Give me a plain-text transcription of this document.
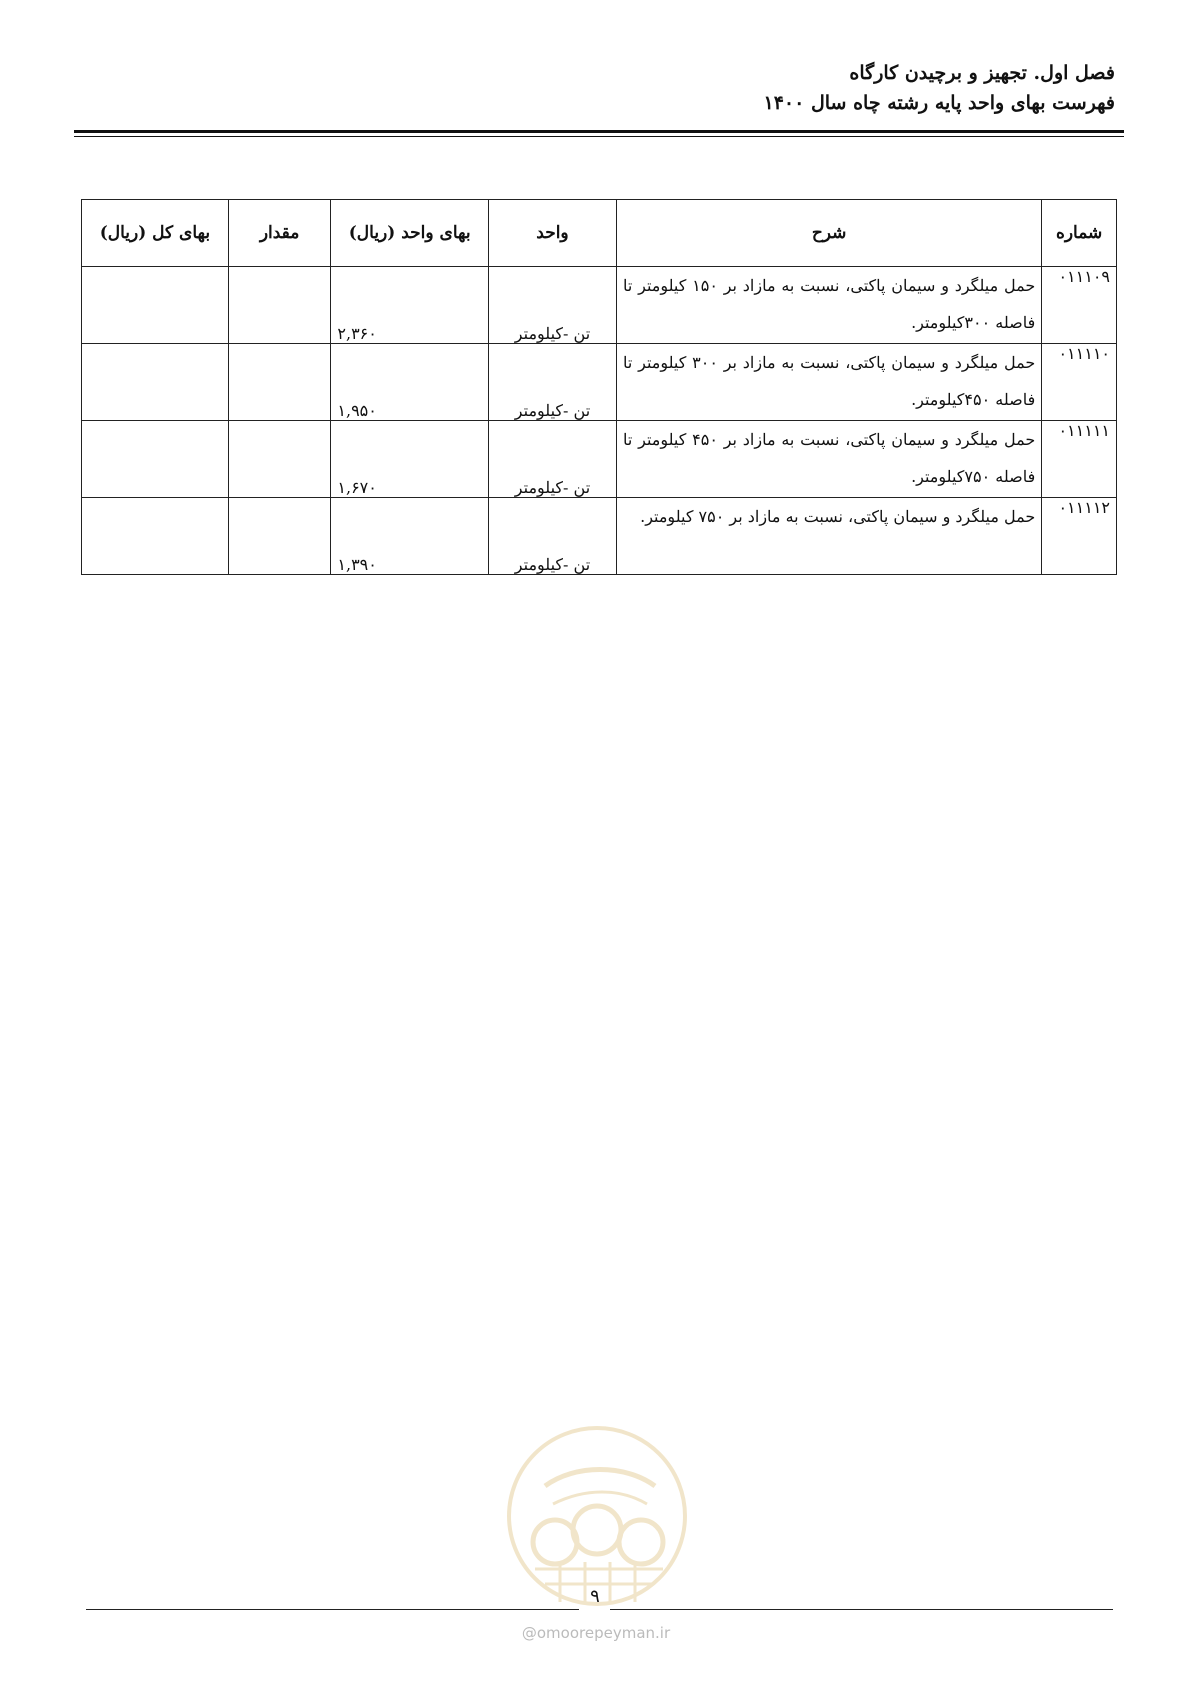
فصل اول. تجهیز و برچیدن کارگاه
فهرست بهای واحد پایه رشته چاه سال ۱۴۰۰
شماره	شرح	واحد	بهای واحد (ریال)	مقدار	بهای کل (ریال)
۰۱۱۱۰۹	حمل میلگرد و سیمان پاکتی، نسبت به مازاد بر ۱۵۰ کیلومتر تا فاصله ۳۰۰کیلومتر.	تن -کیلومتر	۲,۳۶۰		
۰۱۱۱۱۰	حمل میلگرد و سیمان پاکتی، نسبت به مازاد بر ۳۰۰ کیلومتر تا فاصله ۴۵۰کیلومتر.	تن -کیلومتر	۱,۹۵۰		
۰۱۱۱۱۱	حمل میلگرد و سیمان پاکتی، نسبت به مازاد بر ۴۵۰ کیلومتر تا فاصله ۷۵۰کیلومتر.	تن -کیلومتر	۱,۶۷۰		
۰۱۱۱۱۲	حمل میلگرد و سیمان پاکتی، نسبت به مازاد بر ۷۵۰ کیلومتر.	تن -کیلومتر	۱,۳۹۰		
۹
@omoorepeyman.ir
